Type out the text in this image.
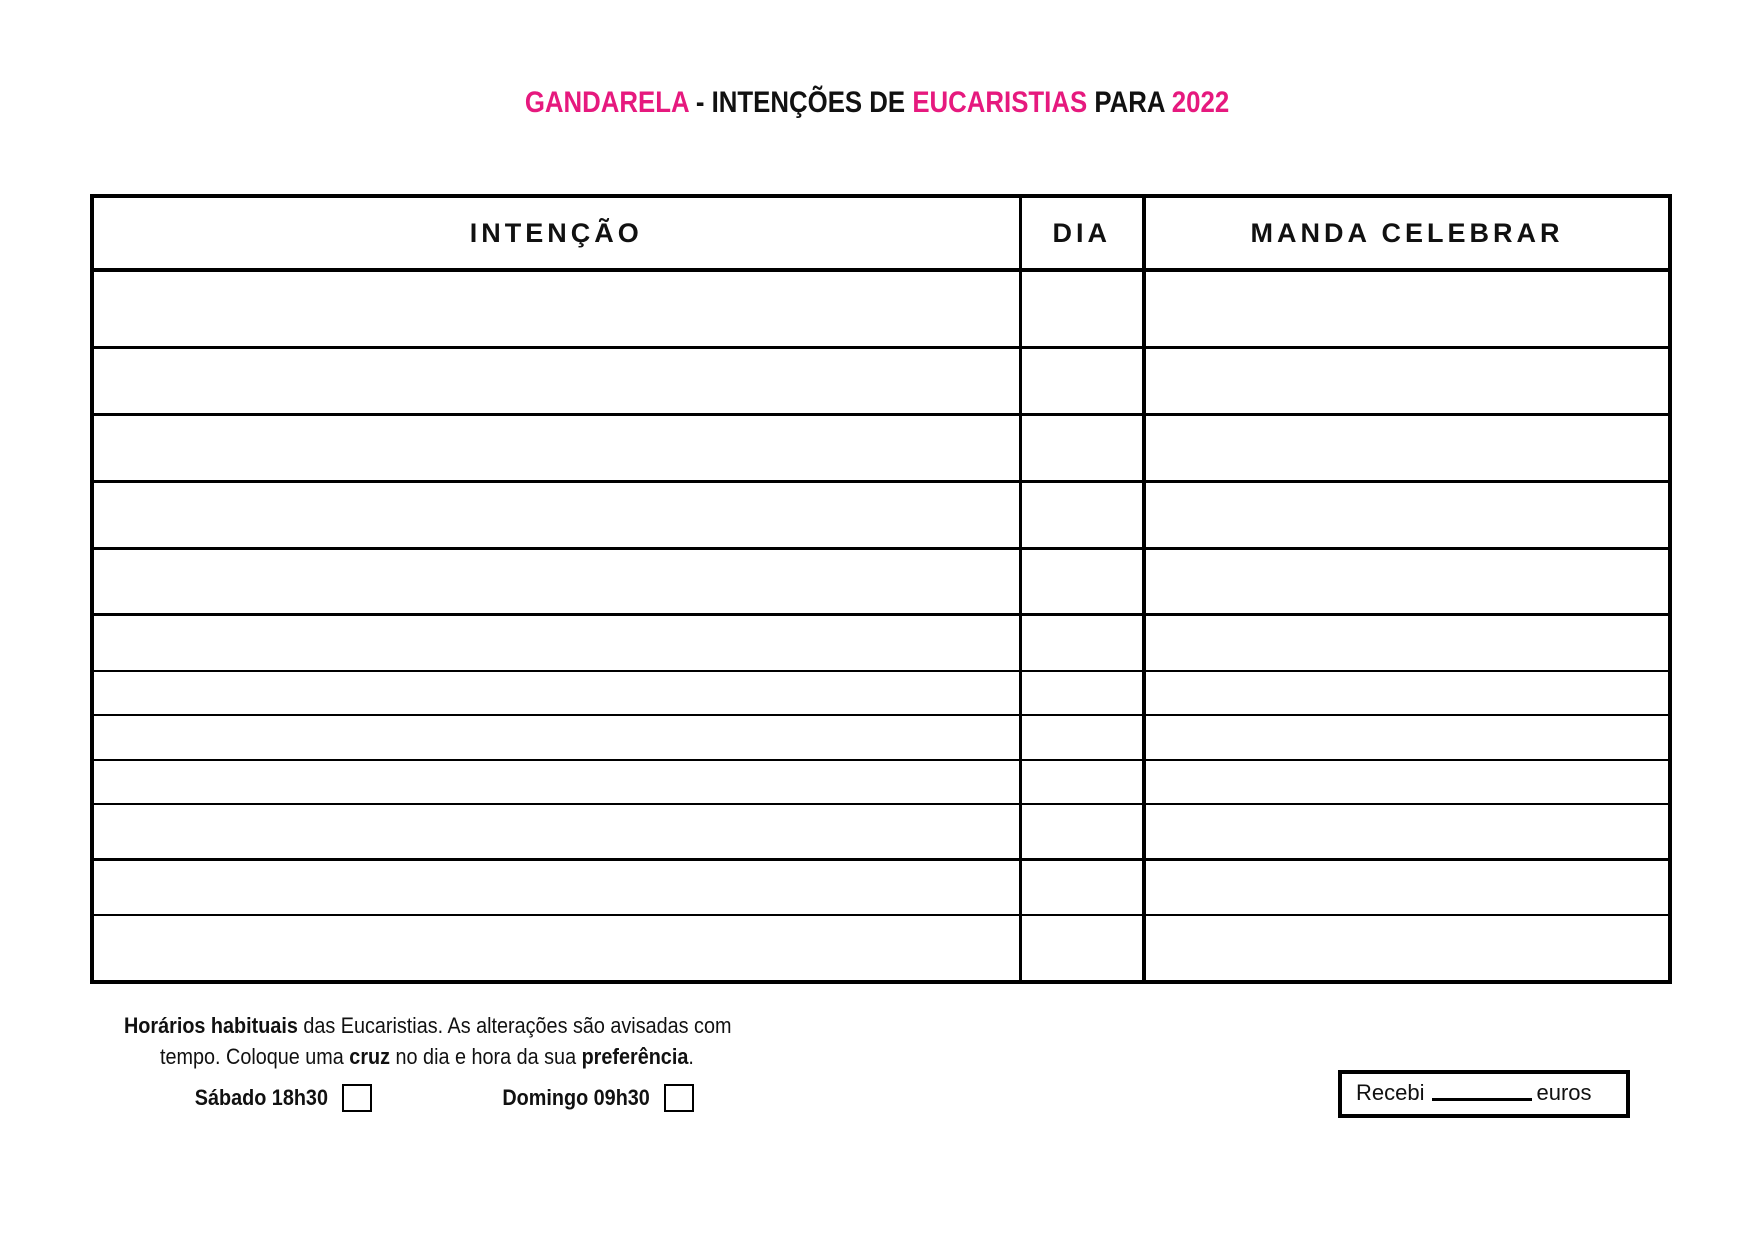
GANDARELA - INTENÇÕES DE EUCARISTIAS PARA 2022
INTENÇÃO	DIA	MANDA CELEBRAR

Horários habituais das Eucaristias. As alterações são avisadas com
tempo. Coloque uma cruz no dia e hora da sua preferência.
Sábado 18h30	Domingo 09h30	Recebi	euros
